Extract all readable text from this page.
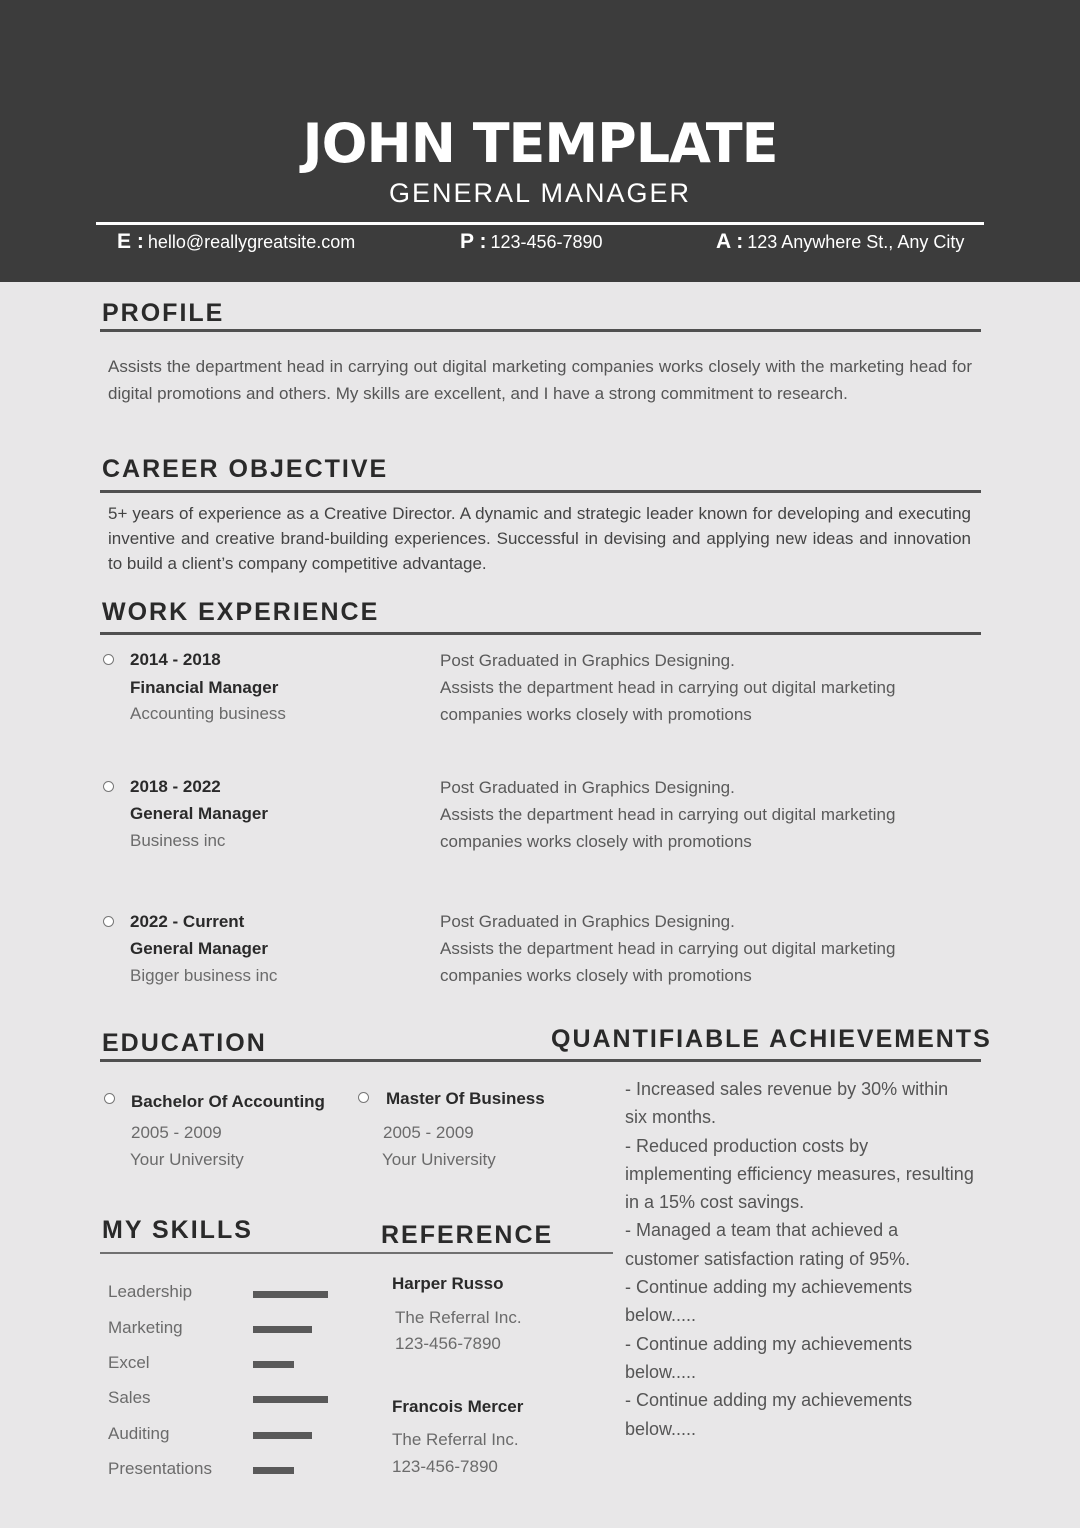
JOHN TEMPLATE
GENERAL MANAGER
E : hello@reallygreatsite.com	P : 123-456-7890	A : 123 Anywhere St., Any City
PROFILE
Assists the department head in carrying out digital marketing companies works closely with the marketing head for digital promotions and others. My skills are excellent, and I have a strong commitment to research.
CAREER OBJECTIVE
5+ years of experience as a Creative Director. A dynamic and strategic leader known for developing and executing inventive and creative brand-building experiences. Successful in devising and applying new ideas and innovation to build a client’s company competitive advantage.
WORK EXPERIENCE
2014 - 2018
Financial Manager
Accounting business
Post Graduated in Graphics Designing.
Assists the department head in carrying out digital marketing
companies works closely with promotions
2018 - 2022
General Manager
Business inc
Post Graduated in Graphics Designing.
Assists the department head in carrying out digital marketing
companies works closely with promotions
2022 - Current
General Manager
Bigger business inc
Post Graduated in Graphics Designing.
Assists the department head in carrying out digital marketing
companies works closely with promotions
EDUCATION	QUANTIFIABLE ACHIEVEMENTS
Bachelor Of Accounting
2005 - 2009
Your University
Master Of Business
2005 - 2009
Your University
- Increased sales revenue by 30% within six months.
- Reduced production costs by implementing efficiency measures, resulting in a 15% cost savings.
- Managed a team that achieved a customer satisfaction rating of 95%.
- Continue adding my achievements below.....
- Continue adding my achievements below.....
- Continue adding my achievements below.....
MY SKILLS	REFERENCE
Leadership
Marketing
Excel
Sales
Auditing
Presentations
Harper Russo
The Referral Inc.
123-456-7890
Francois Mercer
The Referral Inc.
123-456-7890
